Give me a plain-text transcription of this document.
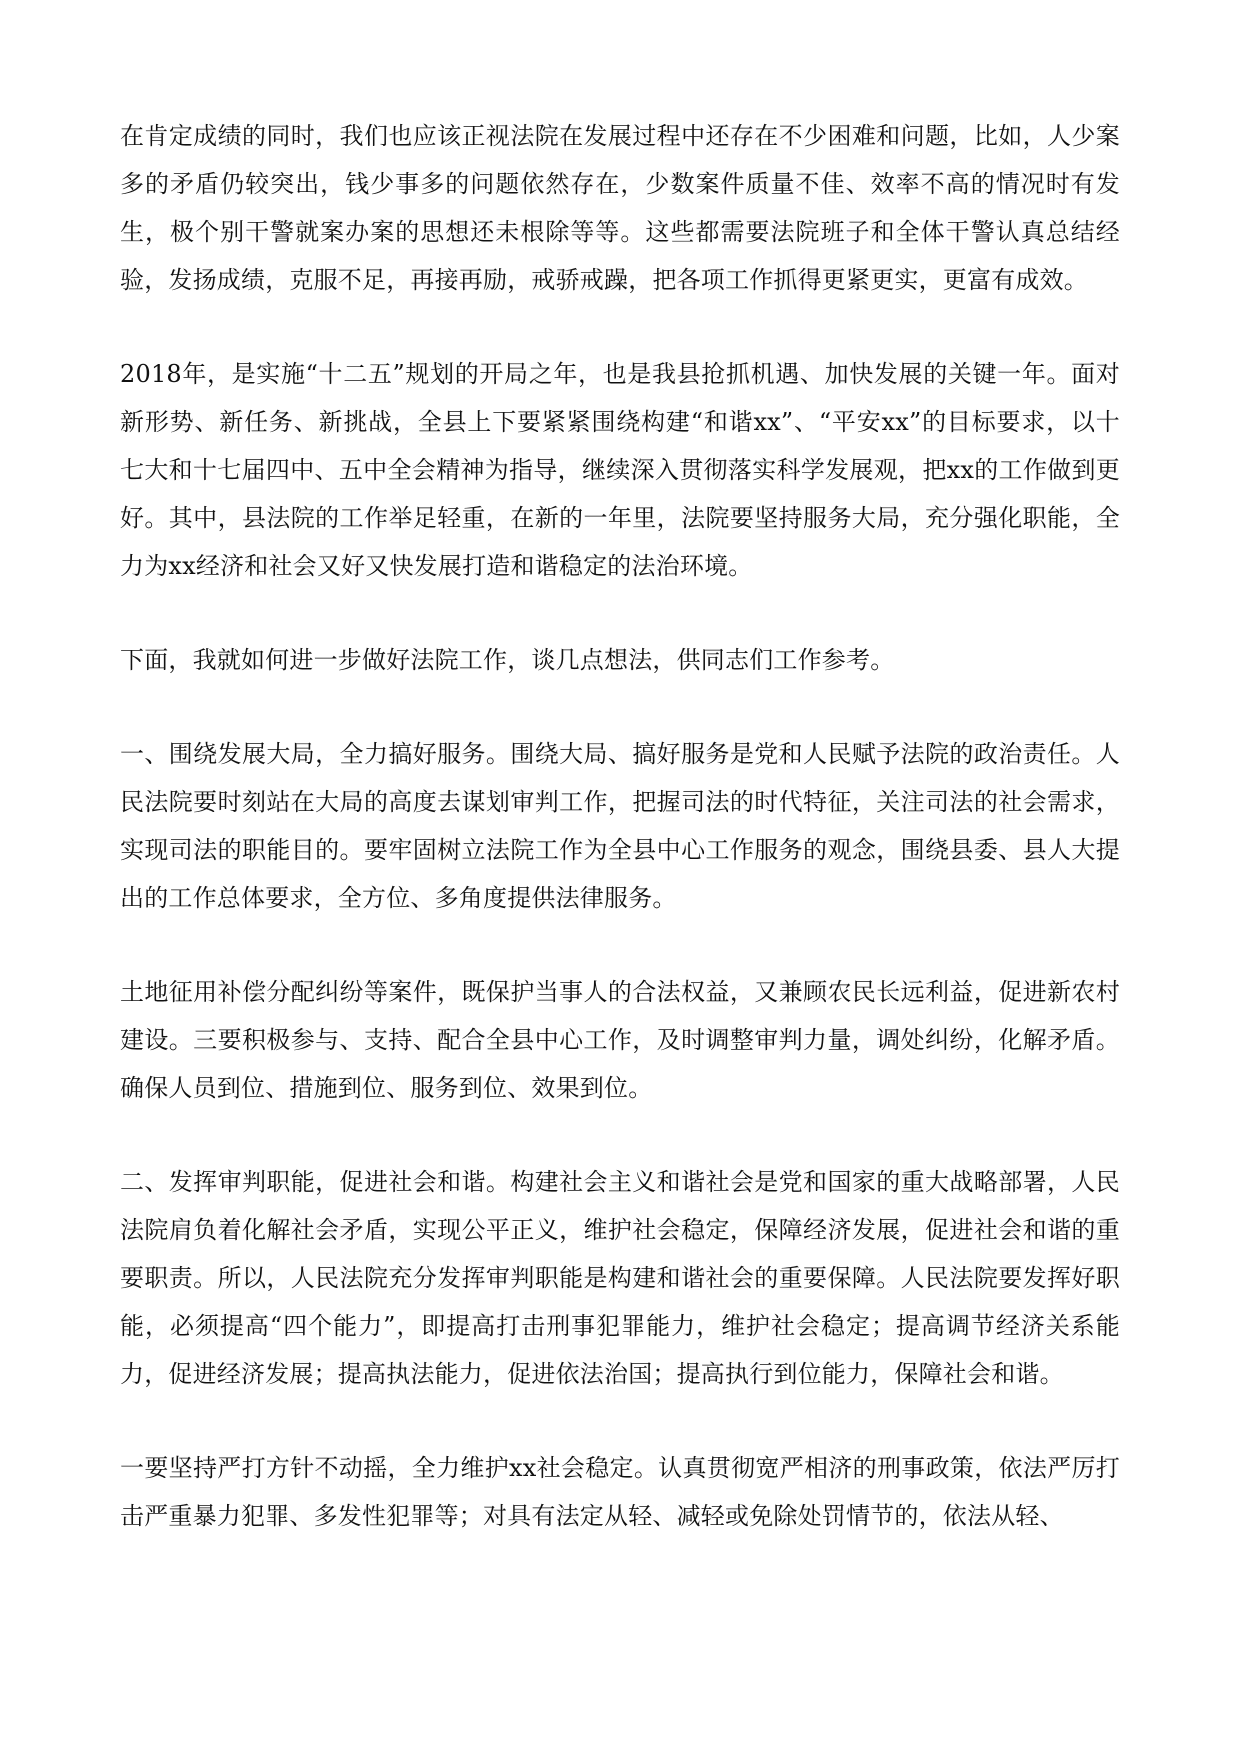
在肯定成绩的同时，我们也应该正视法院在发展过程中还存在不少困难和问题，比如，人少案多的矛盾仍较突出，钱少事多的问题依然存在，少数案件质量不佳、效率不高的情况时有发生，极个别干警就案办案的思想还未根除等等。这些都需要法院班子和全体干警认真总结经验，发扬成绩，克服不足，再接再励，戒骄戒躁，把各项工作抓得更紧更实，更富有成效。

2018年，是实施“十二五”规划的开局之年，也是我县抢抓机遇、加快发展的关键一年。面对新形势、新任务、新挑战，全县上下要紧紧围绕构建“和谐xx”、“平安xx”的目标要求，以十七大和十七届四中、五中全会精神为指导，继续深入贯彻落实科学发展观，把xx的工作做到更好。其中，县法院的工作举足轻重，在新的一年里，法院要坚持服务大局，充分强化职能，全力为xx经济和社会又好又快发展打造和谐稳定的法治环境。

下面，我就如何进一步做好法院工作，谈几点想法，供同志们工作参考。

一、围绕发展大局，全力搞好服务。围绕大局、搞好服务是党和人民赋予法院的政治责任。人民法院要时刻站在大局的高度去谋划审判工作，把握司法的时代特征，关注司法的社会需求，实现司法的职能目的。要牢固树立法院工作为全县中心工作服务的观念，围绕县委、县人大提出的工作总体要求，全方位、多角度提供法律服务。

土地征用补偿分配纠纷等案件，既保护当事人的合法权益，又兼顾农民长远利益，促进新农村建设。三要积极参与、支持、配合全县中心工作，及时调整审判力量，调处纠纷，化解矛盾。确保人员到位、措施到位、服务到位、效果到位。

二、发挥审判职能，促进社会和谐。构建社会主义和谐社会是党和国家的重大战略部署，人民法院肩负着化解社会矛盾，实现公平正义，维护社会稳定，保障经济发展，促进社会和谐的重要职责。所以，人民法院充分发挥审判职能是构建和谐社会的重要保障。人民法院要发挥好职能，必须提高“四个能力”，即提高打击刑事犯罪能力，维护社会稳定；提高调节经济关系能力，促进经济发展；提高执法能力，促进依法治国；提高执行到位能力，保障社会和谐。

一要坚持严打方针不动摇，全力维护xx社会稳定。认真贯彻宽严相济的刑事政策，依法严厉打击严重暴力犯罪、多发性犯罪等；对具有法定从轻、减轻或免除处罚情节的，依法从轻、
